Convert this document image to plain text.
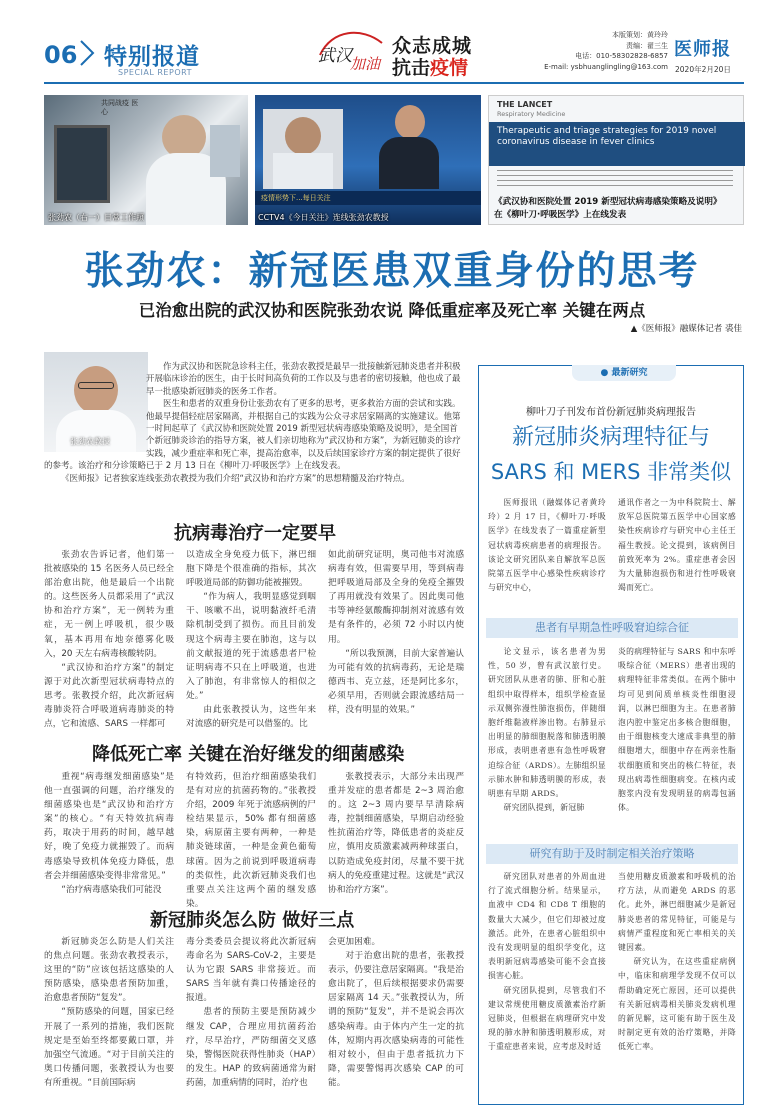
06 特别报道
SPECIAL REPORT
武汉
加油
众志成城
抗击疫情
本版策划：黄玲玲
责编：翟三生
电话：010-58302828-6857
E-mail: ysbhuanglingling@163.com
医师报
2020年2月20日
共同战疫 医心
张劲农（右一）日常工作照
疫情形势下...每日关注
CCTV4《今日关注》连线张劲农教授
THE LANCET
Respiratory Medicine
Therapeutic and triage strategies for 2019 novel coronavirus disease in fever clinics
《武汉协和医院处置 2019 新型冠状病毒感染策略及说明》
在《柳叶刀·呼吸医学》上在线发表
张劲农：新冠医患双重身份的思考
已治愈出院的武汉协和医院张劲农说 降低重症率及死亡率 关键在两点
▲《医师报》融媒体记者 裘佳
张劲农教授

作为武汉协和医院急诊科主任，张劲农教授是最早一批接触新冠肺炎患者并积极开展临床诊治的医生，由于长时间高负荷的工作以及与患者的密切接触，他也成了最早一批感染新冠肺炎的医务工作者。

医生和患者的双重身份让张劲农有了更多的思考，更多救治方面的尝试和实践。他最早提倡轻症居家隔离，并根据自己的实践为公众寻求居家隔离的实施建议。他第一时间起草了《武汉协和医院处置 2019 新型冠状病毒感染策略及说明》，是全国首个新冠肺炎诊治的指导方案，被人们亲切地称为“武汉协和方案”，为新冠肺炎的诊疗实践，减少重症率和死亡率，提高治愈率，以及后续国家诊疗方案的制定提供了很好的参考。该治疗和分诊策略已于 2 月 13 日在《柳叶刀·呼吸医学》上在线发表。

《医师报》记者独家连线张劲农教授为我们介绍“武汉协和治疗方案”的思想精髓及治疗特点。

抗病毒治疗一定要早

张劲农告诉记者，他们第一批被感染的 15 名医务人员已经全部治愈出院，他是最后一个出院的。这些医务人员都采用了“武汉协和治疗方案”，无一例转为重症，无一例上呼吸机，很少吸氧，基本再用布地奈德雾化吸入，20 天左右病毒核酸转阴。

“武汉协和治疗方案”的制定源于对此次新型冠状病毒特点的思考。张教授介绍，此次新冠病毒肺炎符合呼吸道病毒肺炎的特点，它和流感、SARS 一样都可

以造成全身免疫力低下，淋巴细胞下降是个很准确的指标，其次呼吸道局部的防御功能被摧毁。

“作为病人，我明显感觉到咽干、咳嗽不出，说明黏液纤毛清除机制受到了损伤。而且目前发现这个病毒主要在肺泡，这与以前文献报道的死于流感患者尸检证明病毒不只在上呼吸道，也进入了肺泡，有非常惊人的相似之处。”

由此张教授认为，这些年来对流感的研究是可以借鉴的。比

如此前研究证明，奥司他韦对流感病毒有效，但需要早用，等到病毒把呼吸道局部及全身的免疫全摧毁了再用就没有效果了。因此奥司他韦等神经氨酸酶抑制剂对流感有效是有条件的，必须 72 小时以内使用。

“所以我预测，目前大家普遍认为可能有效的抗病毒药，无论是瑞德西韦、克立兹，还是阿比多尔，必须早用，否则就会跟流感结局一样，没有明显的效果。”

降低死亡率 关键在治好继发的细菌感染

重视“病毒继发细菌感染”是他一直强调的问题，治疗继发的细菌感染也是“武汉协和治疗方案”的核心。“有天特效抗病毒药，取决于用药的时间，越早越好，晚了免疫力就摧毁了。而病毒感染导致机体免疫力降低，患者会并细菌感染变得非常常见。”

“治疗病毒感染我们可能没

有特效药，但治疗细菌感染我们是有对应的抗菌药物的。”张教授介绍，2009 年死于流感病例的尸检结果显示，50% 都有细菌感染，病原菌主要有两种，一种是肺炎链球菌，一种是金黄色葡萄球菌。因为之前说到呼吸道病毒的类似性，此次新冠肺炎我们也重要点关注这两个菌的继发感染。

张教授表示，大部分未出现严重并发症的患者都是 2~3 周治愈的。这 2~3 周内要早早清除病毒，控制细菌感染，早期启动经验性抗菌治疗等，降低患者的炎症反应，慎用皮质激素减两种球蛋白，以防造成免疫封闭，尽量不要干扰病人的免疫重建过程。这就是“武汉协和治疗方案”。

新冠肺炎怎么防 做好三点

新冠肺炎怎么防是人们关注的焦点问题。张劲农教授表示，这里的“防”应该包括这感染的人预防感染，感染患者预防加重，治愈患者预防“复发”。

“预防感染的问题，国家已经开展了一系列的措施，我们医院规定是至始至终都要戴口罩，并加强空气流通。“对于目前关注的奥口传播问题，张教授认为也要有所重视。“目前国际病

毒分类委员会提议将此次新冠病毒命名为 SARS-CoV-2，主要是认为它跟 SARS 非常接近。而 SARS 当年就有粪口传播途径的报道。

患者的预防主要是预防减少继发 CAP，合理应用抗菌药治疗，尽早治疗，严防细菌交叉感染，警惕医院获得性肺炎（HAP）的发生。HAP 的致病菌通常为耐药菌，加重病情的同时，治疗也

会更加困难。

对于治愈出院的患者，张教授表示，仍要注意居家隔离。“我是治愈出院了，但后续根据要求仍需要居家隔离 14 天。”张教授认为，所谓的预防“复发”，并不是说会再次感染病毒。由于体内产生一定的抗体，短期内再次感染病毒的可能性相对较小，但由于患者抵抗力下降，需要警惕再次感染 CAP 的可能。

● 最新研究
柳叶刀子刊发布首份新冠肺炎病理报告
新冠肺炎病理特征与
SARS 和 MERS 非常类似

医师报讯（融媒体记者黄玲玲）2 月 17 日，《柳叶刀·呼吸医学》在线发表了一篇重症新型冠状病毒疾病患者的病理报告。该论文研究团队来自解放军总医院第五医学中心感染性疾病诊疗与研究中心，

通讯作者之一为中科院院士、解放军总医院第五医学中心国家感染性疾病诊疗与研究中心主任王福生教授。论文提到，该病例目前致死率为 2%。重症患者会因为大量肺泡损伤和进行性呼吸衰竭而死亡。

患者有早期急性呼吸窘迫综合征

论文显示，该名患者为男性，50 岁，曾有武汉旅行史。研究团队从患者的肺、肝和心脏组织中取得样本，组织学检查显示双侧弥漫性肺泡损伤，伴随细胞纤维黏液样渗出物。右肺显示出明显的肺细胞脱落和肺透明膜形成，表明患者患有急性呼吸窘迫综合征（ARDS）。左肺组织显示肺水肿和肺透明膜的形成，表明患有早期 ARDS。

研究团队提到，新冠肺

炎的病理特征与 SARS 和中东呼吸综合征（MERS）患者出现的病理特征非常类似。在两个肺中均可见到间质单核炎性细胞浸润，以淋巴细胞为主。在患者肺泡内腔中鉴定出多核合胞细胞，由于细胞核变大速成非典型的肺细胞增大，细胞中存在两亲性脂状细胞质和突出的核仁特征，表现出病毒性细胞病变。在核内或胞浆内没有发现明显的病毒包涵体。

研究有助于及时制定相关治疗策略

研究团队对患者的外周血进行了流式细胞分析。结果显示，血液中 CD4 和 CD8 T 细胞的数量大大减少，但它们却被过度激活。此外，在患者心脏组织中没有发现明显的组织学变化，这表明新冠病毒感染可能不会直接损害心脏。

研究团队提到，尽管我们不建议常规使用糖皮质激素治疗新冠肺炎，但根据在病理研究中发现的肺水肿和肺透明膜形成，对于重症患者来说，应考虑及时适

当使用糖皮质激素和呼吸机的治疗方法，从而避免 ARDS 的恶化。此外，淋巴细胞减少是新冠肺炎患者的常见特征，可能是与病情严重程度和死亡率相关的关键因素。

研究认为，在这些重症病例中，临床和病理学发现不仅可以帮助确定死亡原因，还可以提供有关新冠病毒相关肺炎发病机理的新见解，这可能有助于医生及时制定更有效的治疗策略，并降低死亡率。
